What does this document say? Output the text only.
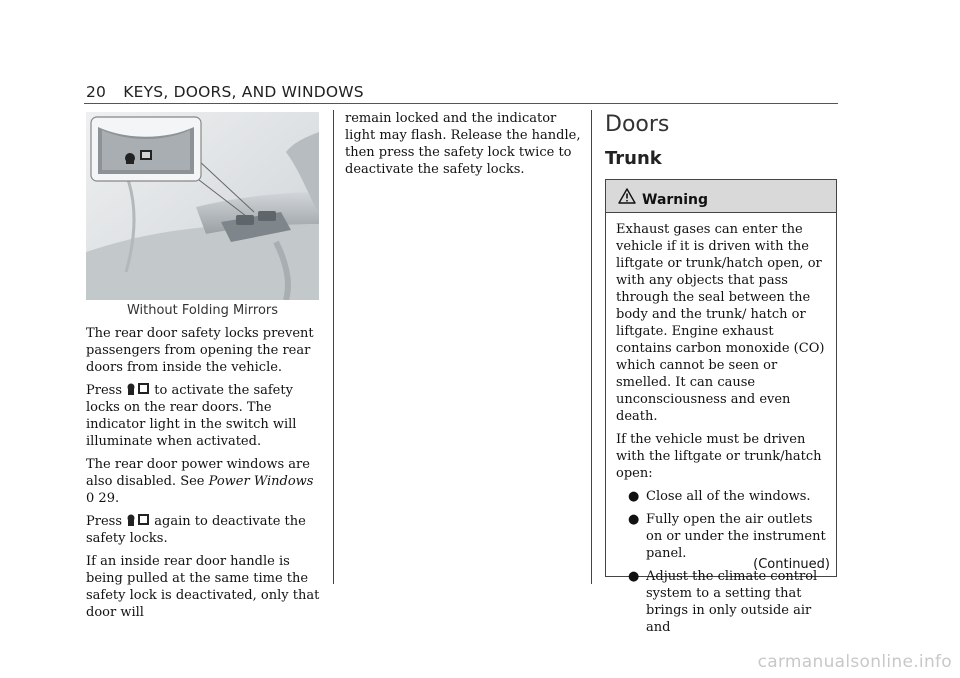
20 KEYS, DOORS, AND WINDOWS
Without Folding Mirrors

The rear door safety locks prevent passengers from opening the rear doors from inside the vehicle.

Press to activate the safety locks on the rear doors. The indicator light in the switch will illuminate when activated.

The rear door power windows are also disabled. See Power Windows 0 29.

Press again to deactivate the safety locks.

If an inside rear door handle is being pulled at the same time the safety lock is deactivated, only that door will

remain locked and the indicator light may flash. Release the handle, then press the safety lock twice to deactivate the safety locks.

Doors
Trunk
Warning

Exhaust gases can enter the vehicle if it is driven with the liftgate or trunk/hatch open, or with any objects that pass through the seal between the body and the trunk/ hatch or liftgate. Engine exhaust contains carbon monoxide (CO) which cannot be seen or smelled. It can cause unconsciousness and even death.

If the vehicle must be driven with the liftgate or trunk/hatch open:

● Close all of the windows.
● Fully open the air outlets on or under the instrument panel.
● Adjust the climate control system to a setting that brings in only outside air and
(Continued)
carmanualsonline.info
